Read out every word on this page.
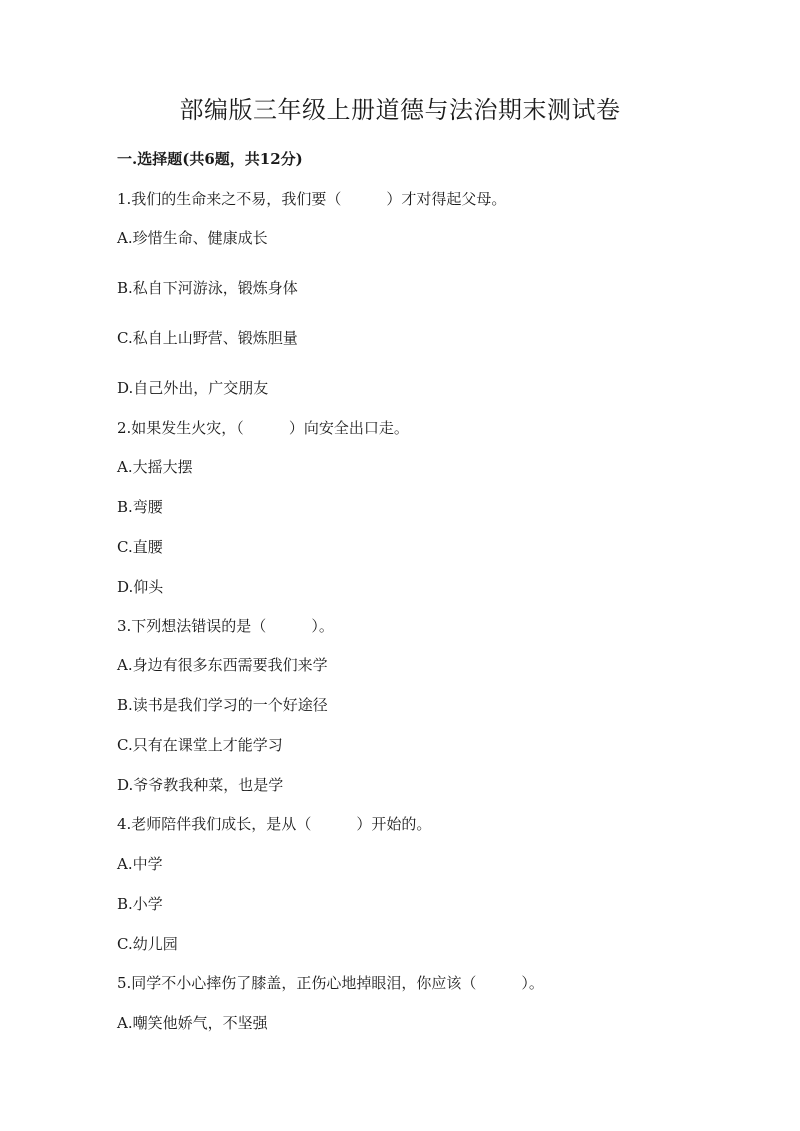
部编版三年级上册道德与法治期末测试卷
一.选择题(共6题，共12分)
1.我们的生命来之不易，我们要（　　　）才对得起父母。
A.珍惜生命、健康成长
B.私自下河游泳，锻炼身体
C.私自上山野营、锻炼胆量
D.自己外出，广交朋友
2.如果发生火灾，（　　　）向安全出口走。
A.大摇大摆
B.弯腰
C.直腰
D.仰头
3.下列想法错误的是（　　　）。
A.身边有很多东西需要我们来学
B.读书是我们学习的一个好途径
C.只有在课堂上才能学习
D.爷爷教我种菜，也是学
4.老师陪伴我们成长，是从（　　　）开始的。
A.中学
B.小学
C.幼儿园
5.同学不小心摔伤了膝盖，正伤心地掉眼泪，你应该（　　　）。
A.嘲笑他娇气，不坚强
